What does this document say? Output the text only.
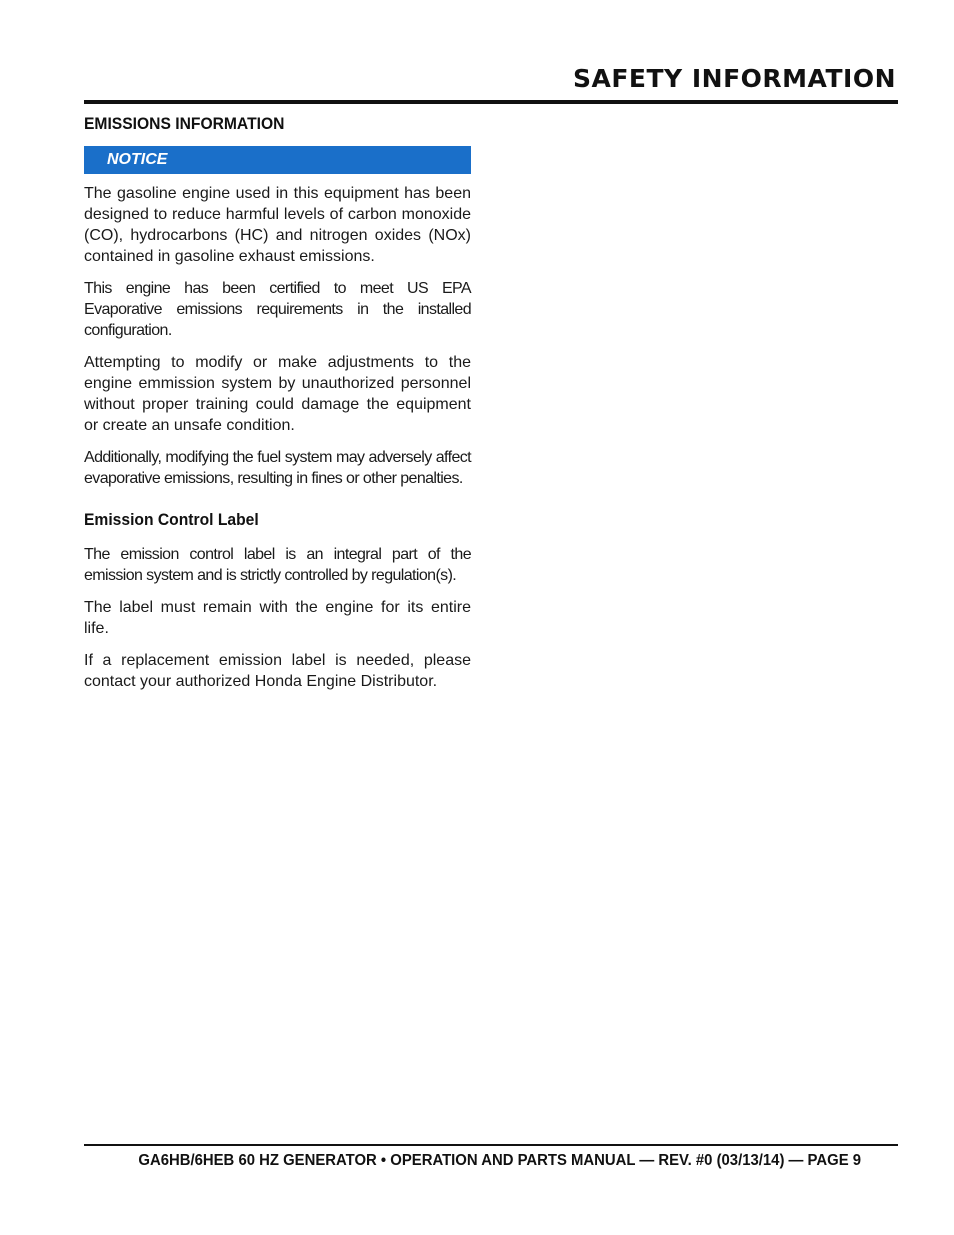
SAFETY INFORMATION
EMISSIONS INFORMATION
NOTICE

The gasoline engine used in this equipment has been designed to reduce harmful levels of carbon monoxide (CO), hydrocarbons (HC) and nitrogen oxides (NOx) contained in gasoline exhaust emissions.

This engine has been certified to meet US EPA Evaporative emissions requirements in the installed configuration.

Attempting to modify or make adjustments to the engine emmission system by unauthorized personnel without proper training could damage the equipment or create an unsafe condition.

Additionally, modifying the fuel system may adversely affect evaporative emissions, resulting in fines or other penalties.

Emission Control Label

The emission control label is an integral part of the emission system and is strictly controlled by regulation(s).

The label must remain with the engine for its entire life.

If a replacement emission label is needed, please contact your authorized Honda Engine Distributor.

GA6HB/6HEB 60 HZ GENERATOR • OPERATION AND PARTS MANUAL — REV. #0 (03/13/14) — PAGE 9
